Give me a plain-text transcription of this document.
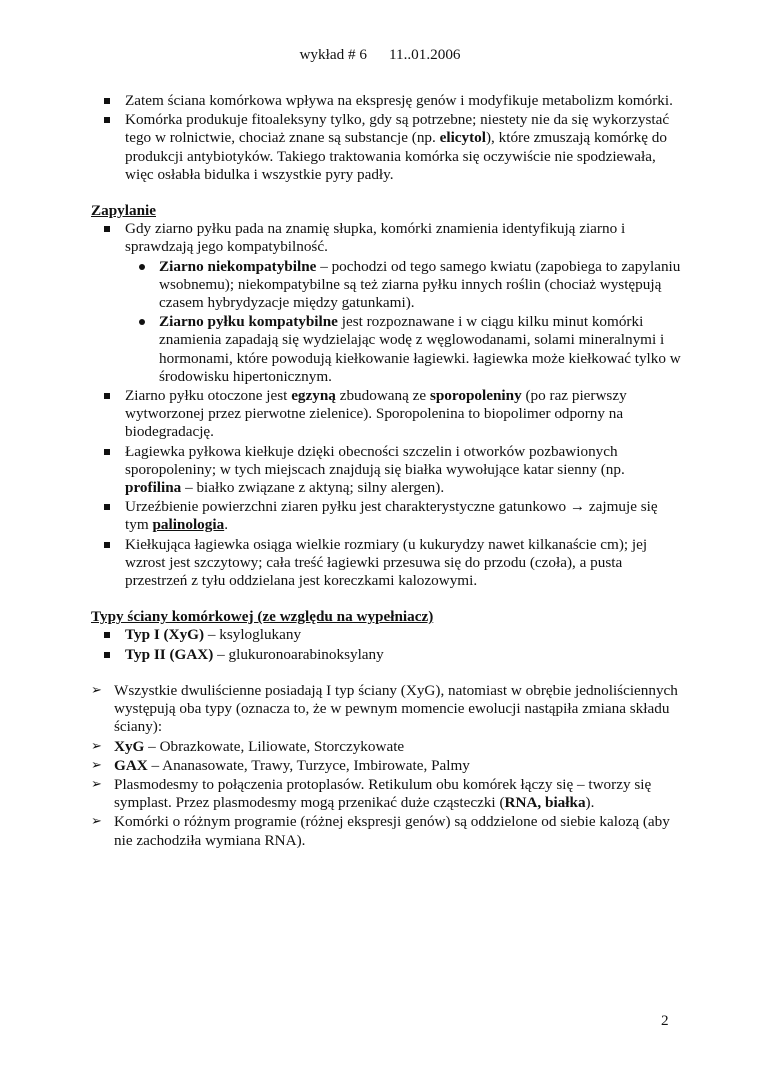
wykład # 6 11..01.2006
Zatem ściana komórkowa wpływa na ekspresję genów i modyfikuje metabolizm komórki.
Komórka produkuje fitoaleksyny tylko, gdy są potrzebne; niestety nie da się wykorzystać tego w rolnictwie, chociaż znane są substancje (np. elicytol), które zmuszają komórkę do produkcji antybiotyków. Takiego traktowania komórka się oczywiście nie spodziewała, więc osłabła bidulka i wszystkie pyry padły.

Zapylanie

Gdy ziarno pyłku pada na znamię słupka, komórki znamienia identyfikują ziarno i sprawdzają jego kompatybilność.
Ziarno niekompatybilne – pochodzi od tego samego kwiatu (zapobiega to zapylaniu wsobnemu); niekompatybilne są też ziarna pyłku innych roślin (chociaż występują czasem hybrydyzacje między gatunkami).
Ziarno pyłku kompatybilne jest rozpoznawane i w ciągu kilku minut komórki znamienia zapadają się wydzielając wodę z węglowodanami, solami mineralnymi i hormonami, które powodują kiełkowanie łagiewki. łagiewka może kiełkować tylko w środowisku hipertonicznym.
Ziarno pyłku otoczone jest egzyną zbudowaną ze sporopoleniny (po raz pierwszy wytworzonej przez pierwotne zielenice). Sporopolenina to biopolimer odporny na biodegradację.
Łagiewka pyłkowa kiełkuje dzięki obecności szczelin i otworków pozbawionych sporopoleniny; w tych miejscach znajdują się białka wywołujące katar sienny (np. profilina – białko związane z aktyną; silny alergen).
Urzeźbienie powierzchni ziaren pyłku jest charakterystyczne gatunkowo → zajmuje się tym palinologia.
Kiełkująca łagiewka osiąga wielkie rozmiary (u kukurydzy nawet kilkanaście cm); jej wzrost jest szczytowy; cała treść łagiewki przesuwa się do przodu (czoła), a pusta przestrzeń z tyłu oddzielana jest koreczkami kalozowymi.

Typy ściany komórkowej (ze względu na wypełniacz)

Typ I (XyG) – ksyloglukany
Typ II (GAX) – glukuronoarabinoksylany
➢ Wszystkie dwuliścienne posiadają I typ ściany (XyG), natomiast w obrębie jednoliściennych występują oba typy (oznacza to, że w pewnym momencie ewolucji nastąpiła zmiana składu ściany):
➢ XyG – Obrazkowate, Liliowate, Storczykowate
➢ GAX – Ananasowate, Trawy, Turzyce, Imbirowate, Palmy
➢ Plasmodesmy to połączenia protoplasów. Retikulum obu komórek łączy się – tworzy się symplast. Przez plasmodesmy mogą przenikać duże cząsteczki (RNA, białka).
➢ Komórki o różnym programie (różnej ekspresji genów) są oddzielone od siebie kalozą (aby nie zachodziła wymiana RNA).
2
